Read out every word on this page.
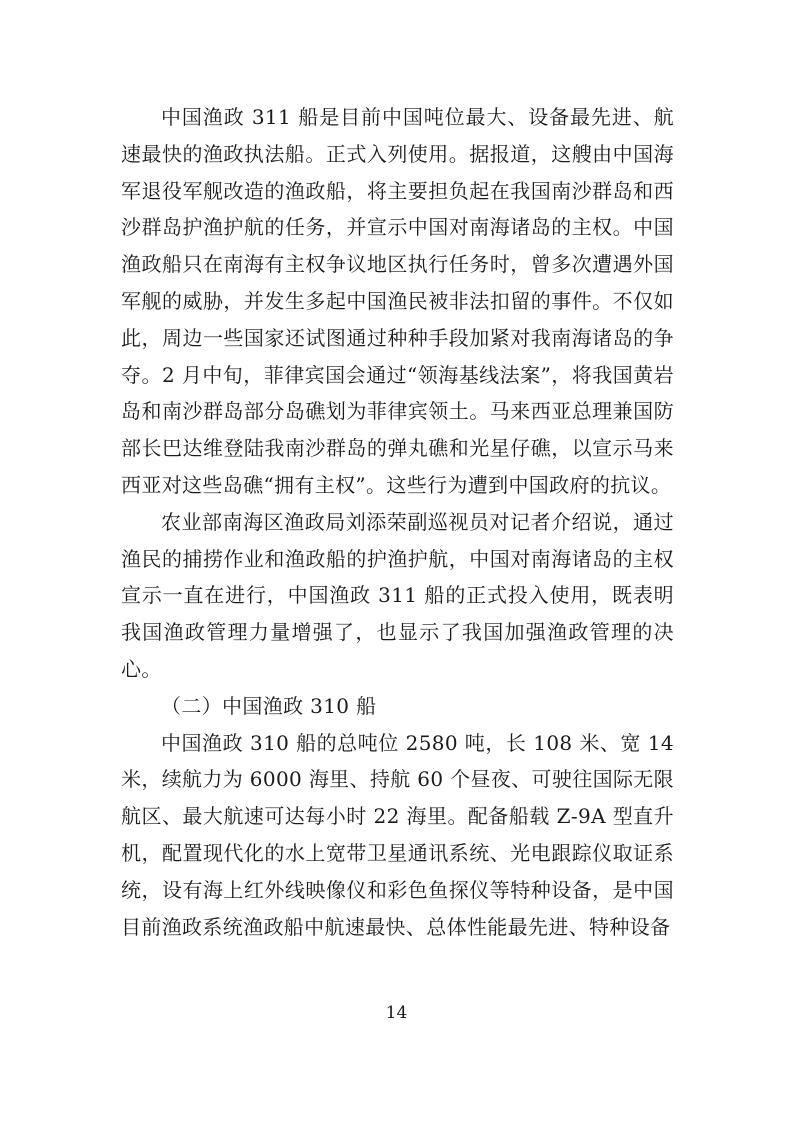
中国渔政 311 船是目前中国吨位最大、设备最先进、航速最快的渔政执法船。正式入列使用。据报道，这艘由中国海军退役军舰改造的渔政船，将主要担负起在我国南沙群岛和西沙群岛护渔护航的任务，并宣示中国对南海诸岛的主权。中国渔政船只在南海有主权争议地区执行任务时，曾多次遭遇外国军舰的威胁，并发生多起中国渔民被非法扣留的事件。不仅如此，周边一些国家还试图通过种种手段加紧对我南海诸岛的争夺。2 月中旬，菲律宾国会通过“领海基线法案”，将我国黄岩岛和南沙群岛部分岛礁划为菲律宾领土。马来西亚总理兼国防部长巴达维登陆我南沙群岛的弹丸礁和光星仔礁，以宣示马来西亚对这些岛礁“拥有主权”。这些行为遭到中国政府的抗议。

农业部南海区渔政局刘添荣副巡视员对记者介绍说，通过渔民的捕捞作业和渔政船的护渔护航，中国对南海诸岛的主权宣示一直在进行，中国渔政 311 船的正式投入使用，既表明我国渔政管理力量增强了，也显示了我国加强渔政管理的决心。

（二）中国渔政 310 船

中国渔政 310 船的总吨位 2580 吨，长 108 米、宽 14 米，续航力为 6000 海里、持航 60 个昼夜、可驶往国际无限航区、最大航速可达每小时 22 海里。配备船载 Z-9A 型直升机，配置现代化的水上宽带卫星通讯系统、光电跟踪仪取证系统，设有海上红外线映像仪和彩色鱼探仪等特种设备，是中国目前渔政系统渔政船中航速最快、总体性能最先进、特种设备

14
